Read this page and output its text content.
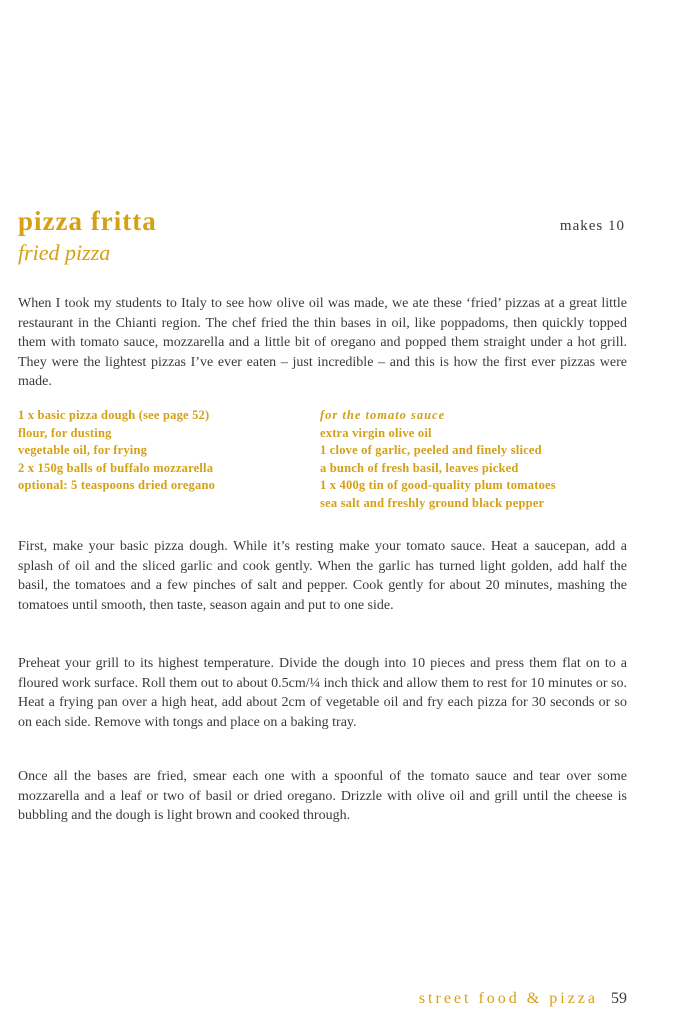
pizza fritta	makes 10
fried pizza

When I took my students to Italy to see how olive oil was made, we ate these ‘fried’ pizzas at a great little restaurant in the Chianti region. The chef fried the thin bases in oil, like poppadoms, then quickly topped them with tomato sauce, mozzarella and a little bit of oregano and popped them straight under a hot grill. They were the lightest pizzas I’ve ever eaten – just incredible – and this is how the first ever pizzas were made.

1 x basic pizza dough (see page 52)
flour, for dusting
vegetable oil, for frying
2 x 150g balls of buffalo mozzarella
optional: 5 teaspoons dried oregano
for the tomato sauce
extra virgin olive oil
1 clove of garlic, peeled and finely sliced
a bunch of fresh basil, leaves picked
1 x 400g tin of good-quality plum tomatoes
sea salt and freshly ground black pepper

First, make your basic pizza dough. While it’s resting make your tomato sauce. Heat a saucepan, add a splash of oil and the sliced garlic and cook gently. When the garlic has turned light golden, add half the basil, the tomatoes and a few pinches of salt and pepper. Cook gently for about 20 minutes, mashing the tomatoes until smooth, then taste, season again and put to one side.

Preheat your grill to its highest temperature. Divide the dough into 10 pieces and press them flat on to a floured work surface. Roll them out to about 0.5cm/¼ inch thick and allow them to rest for 10 minutes or so. Heat a frying pan over a high heat, add about 2cm of vegetable oil and fry each pizza for 30 seconds or so on each side. Remove with tongs and place on a baking tray.

Once all the bases are fried, smear each one with a spoonful of the tomato sauce and tear over some mozzarella and a leaf or two of basil or dried oregano. Drizzle with olive oil and grill until the cheese is bubbling and the dough is light brown and cooked through.

street food & pizza 59
